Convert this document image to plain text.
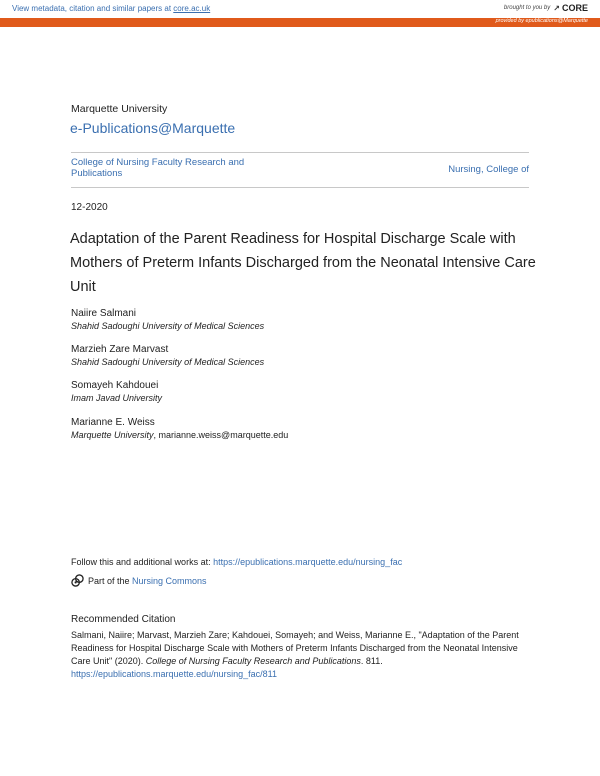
View metadata, citation and similar papers at core.ac.uk	brought to you by ↗ CORE
provided by epublications@Marquette
Marquette University
e-Publications@Marquette
College of Nursing Faculty Research and Publications	Nursing, College of
12-2020
Adaptation of the Parent Readiness for Hospital Discharge Scale with Mothers of Preterm Infants Discharged from the Neonatal Intensive Care Unit
Naiire Salmani
Shahid Sadoughi University of Medical Sciences
Marzieh Zare Marvast
Shahid Sadoughi University of Medical Sciences
Somayeh Kahdouei
Imam Javad University
Marianne E. Weiss
Marquette University, marianne.weiss@marquette.edu
Follow this and additional works at: https://epublications.marquette.edu/nursing_fac
Part of the Nursing Commons
Recommended Citation
Salmani, Naiire; Marvast, Marzieh Zare; Kahdouei, Somayeh; and Weiss, Marianne E., "Adaptation of the Parent Readiness for Hospital Discharge Scale with Mothers of Preterm Infants Discharged from the Neonatal Intensive Care Unit" (2020). College of Nursing Faculty Research and Publications. 811.
https://epublications.marquette.edu/nursing_fac/811
